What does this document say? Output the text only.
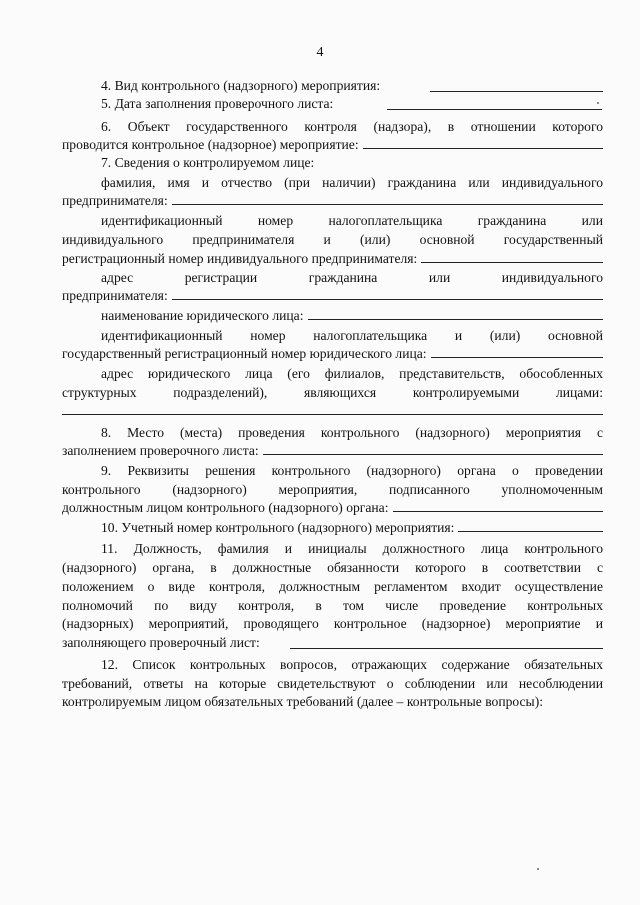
4
4. Вид контрольного (надзорного) мероприятия:
5. Дата заполнения проверочного листа:
6. Объект государственного контроля (надзора), в отношении которого
проводится контрольное (надзорное) мероприятие:
7. Сведения о контролируемом лице:
фамилия, имя и отчество (при наличии) гражданина или индивидуального
предпринимателя:
идентификационный номер налогоплательщика гражданина или
индивидуального предпринимателя и (или) основной государственный
регистрационный номер индивидуального предпринимателя:
адрес регистрации гражданина или индивидуального
предпринимателя:
наименование юридического лица:
идентификационный номер налогоплательщика и (или) основной
государственный регистрационный номер юридического лица:
адрес юридического лица (его филиалов, представительств, обособленных
структурных подразделений), являющихся контролируемыми лицами:
8. Место (места) проведения контрольного (надзорного) мероприятия с
заполнением проверочного листа:
9. Реквизиты решения контрольного (надзорного) органа о проведении
контрольного (надзорного) мероприятия, подписанного уполномоченным
должностным лицом контрольного (надзорного) органа:
10. Учетный номер контрольного (надзорного) мероприятия:
11. Должность, фамилия и инициалы должностного лица контрольного
(надзорного) органа, в должностные обязанности которого в соответствии с
положением о виде контроля, должностным регламентом входит осуществление
полномочий по виду контроля, в том числе проведение контрольных
(надзорных) мероприятий, проводящего контрольное (надзорное) мероприятие и
заполняющего проверочный лист:
12. Список контрольных вопросов, отражающих содержание обязательных
требований, ответы на которые свидетельствуют о соблюдении или несоблюдении
контролируемым лицом обязательных требований (далее – контрольные вопросы):
